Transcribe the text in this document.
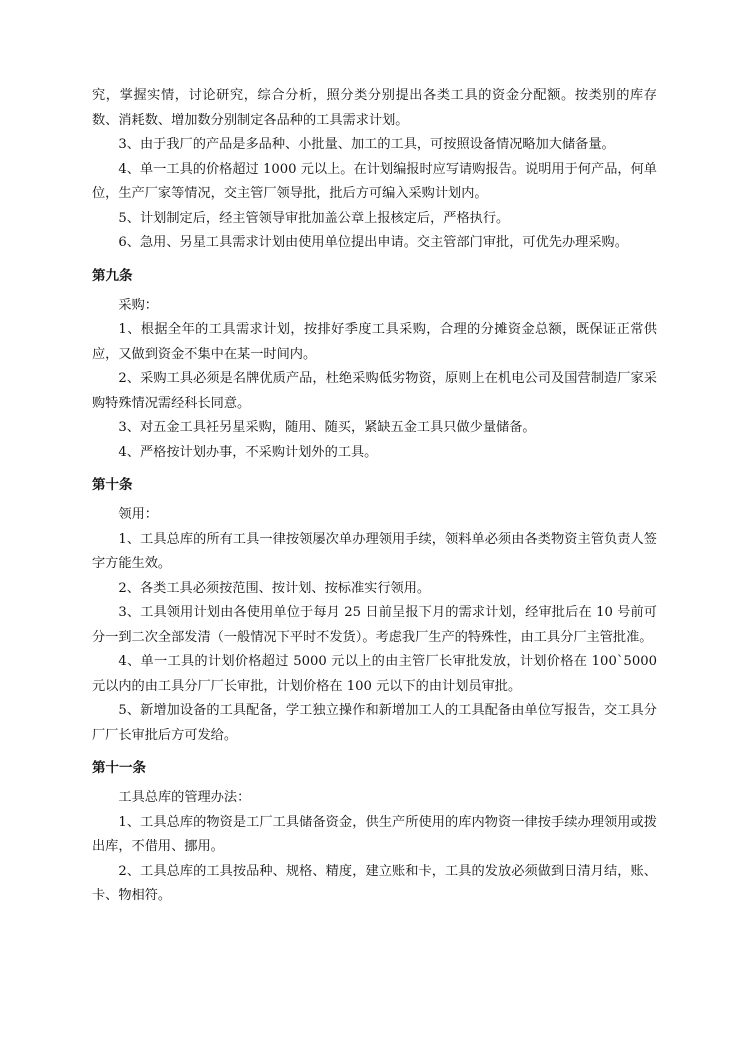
究，掌握实情，讨论研究，综合分析，照分类分别提出各类工具的资金分配额。按类别的库存数、消耗数、增加数分别制定各品种的工具需求计划。

3、由于我厂的产品是多品种、小批量、加工的工具，可按照设备情况略加大储备量。

4、单一工具的价格超过 1000 元以上。在计划编报时应写请购报告。说明用于何产品，何单位，生产厂家等情况，交主管厂领导批，批后方可编入采购计划内。

5、计划制定后，经主管领导审批加盖公章上报核定后，严格执行。

6、急用、另星工具需求计划由使用单位提出申请。交主管部门审批，可优先办理采购。

第九条

采购：

1、根据全年的工具需求计划，按排好季度工具采购，合理的分摊资金总额，既保证正常供应，又做到资金不集中在某一时间内。

2、采购工具必须是名牌优质产品，杜绝采购低劣物资，原则上在机电公司及国营制造厂家采购特殊情况需经科长同意。

3、对五金工具衽另星采购，随用、随买，紧缺五金工具只做少量储备。

4、严格按计划办事，不采购计划外的工具。

第十条

领用：

1、工具总库的所有工具一律按领屡次单办理领用手续，领料单必须由各类物资主管负责人签字方能生效。

2、各类工具必须按范围、按计划、按标准实行领用。

3、工具领用计划由各使用单位于每月 25 日前呈报下月的需求计划，经审批后在 10 号前可分一到二次全部发清（一般情况下平时不发货）。考虑我厂生产的特殊性，由工具分厂主管批准。

4、单一工具的计划价格超过 5000 元以上的由主管厂长审批发放，计划价格在 100`5000 元以内的由工具分厂厂长审批，计划价格在 100 元以下的由计划员审批。

5、新增加设备的工具配备，学工独立操作和新增加工人的工具配备由单位写报告，交工具分厂厂长审批后方可发给。

第十一条

工具总库的管理办法：

1、工具总库的物资是工厂工具储备资金，供生产所使用的库内物资一律按手续办理领用或拨出库，不借用、挪用。

2、工具总库的工具按品种、规格、精度，建立账和卡，工具的发放必须做到日清月结，账、卡、物相符。
